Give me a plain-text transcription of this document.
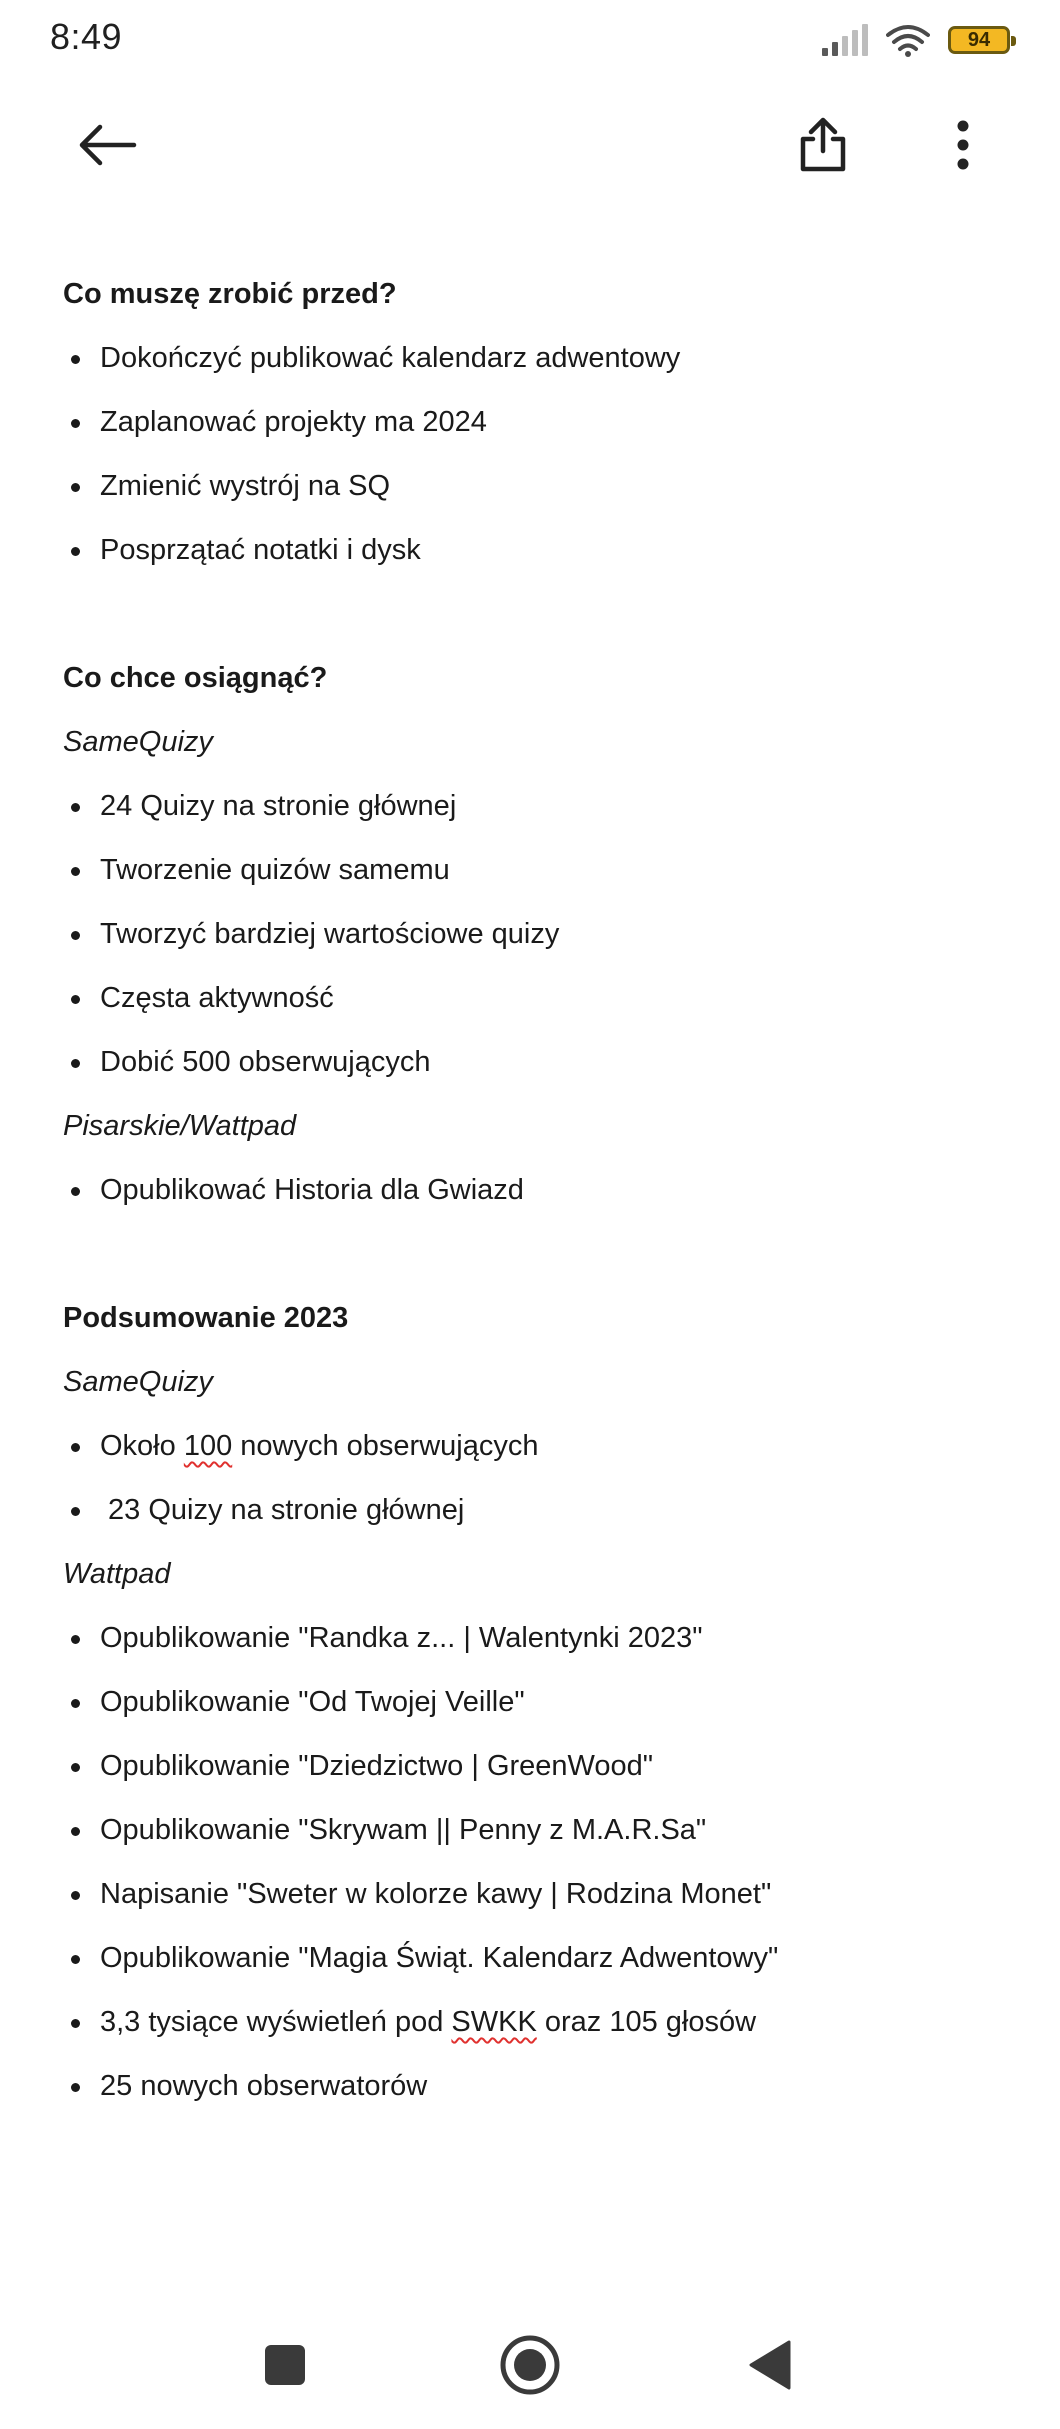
8:49	94
Co muszę zrobić przed?
Dokończyć publikować kalendarz adwentowy
Zaplanować projekty ma 2024
Zmienić wystrój na SQ
Posprzątać notatki i dysk
Co chce osiągnąć?
SameQuizy
24 Quizy na stronie głównej
Tworzenie quizów samemu
Tworzyć bardziej wartościowe quizy
Częsta aktywność
Dobić 500 obserwujących
Pisarskie/Wattpad
Opublikować Historia dla Gwiazd
Podsumowanie 2023
SameQuizy
Około 100 nowych obserwujących
23 Quizy na stronie głównej
Wattpad
Opublikowanie "Randka z... | Walentynki 2023"
Opublikowanie "Od Twojej Veille"
Opublikowanie "Dziedzictwo | GreenWood"
Opublikowanie "Skrywam || Penny z M.A.R.Sa"
Napisanie "Sweter w kolorze kawy | Rodzina Monet"
Opublikowanie "Magia Świąt. Kalendarz Adwentowy"
3,3 tysiące wyświetleń pod SWKK oraz 105 głosów
25 nowych obserwatorów
